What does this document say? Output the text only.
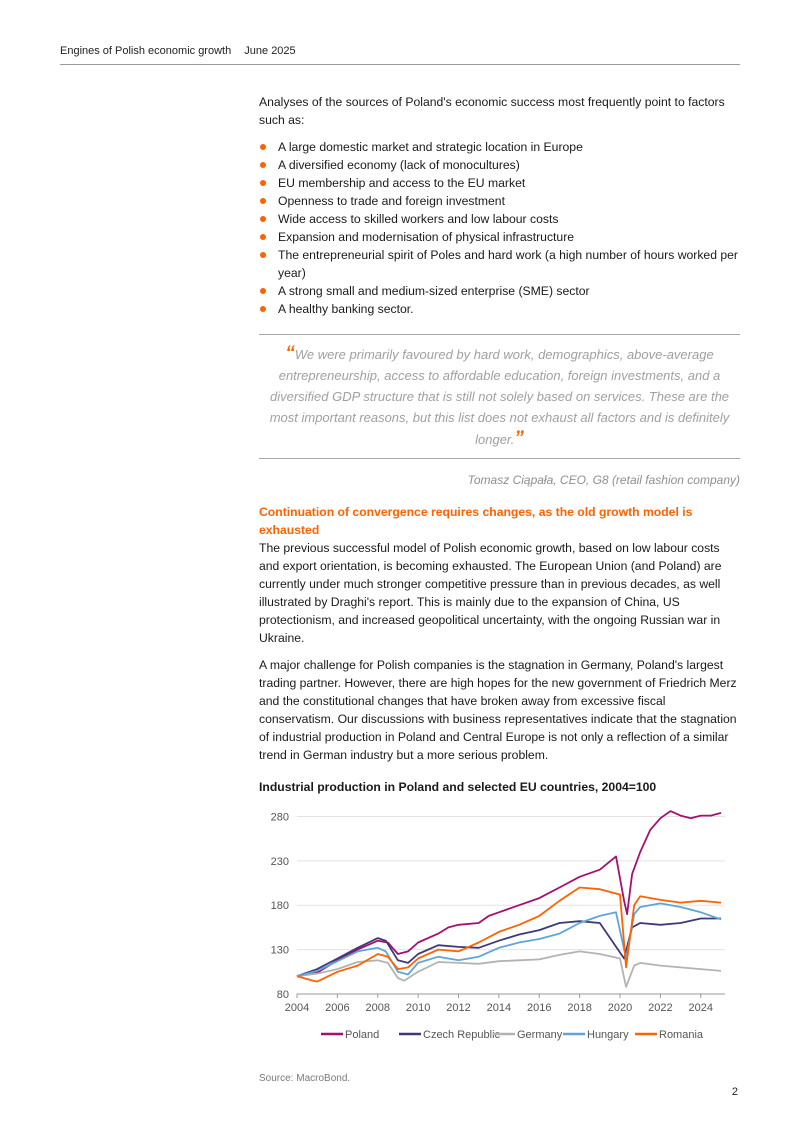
Engines of Polish economic growth June 2025

Analyses of the sources of Poland's economic success most frequently point to factors such as:

A large domestic market and strategic location in Europe
A diversified economy (lack of monocultures)
EU membership and access to the EU market
Openness to trade and foreign investment
Wide access to skilled workers and low labour costs
Expansion and modernisation of physical infrastructure
The entrepreneurial spirit of Poles and hard work (a high number of hours worked per year)
A strong small and medium-sized enterprise (SME) sector
A healthy banking sector.
“We were primarily favoured by hard work, demographics, above-average entrepreneurship, access to affordable education, foreign investments, and a diversified GDP structure that is still not solely based on services. These are the most important reasons, but this list does not exhaust all factors and is definitely longer.”
Tomasz Ciąpała, CEO, G8 (retail fashion company)
Continuation of convergence requires changes, as the old growth model is exhausted

The previous successful model of Polish economic growth, based on low labour costs and export orientation, is becoming exhausted. The European Union (and Poland) are currently under much stronger competitive pressure than in previous decades, as well illustrated by Draghi's report. This is mainly due to the expansion of China, US protectionism, and increased geopolitical uncertainty, with the ongoing Russian war in Ukraine.

A major challenge for Polish companies is the stagnation in Germany, Poland's largest trading partner. However, there are high hopes for the new government of Friedrich Merz and the constitutional changes that have broken away from excessive fiscal conservatism. Our discussions with business representatives indicate that the stagnation of industrial production in Poland and Central Europe is not only a reflection of a similar trend in German industry but a more serious problem.

Industrial production in Poland and selected EU countries, 2004=100
80
130
180
230
280
2004 2006 2008 2010 2012 2014 2016 2018 2020 2022 2024
Poland	Czech Republic Germany Hungary	Romania
Source: MacroBond.
2
